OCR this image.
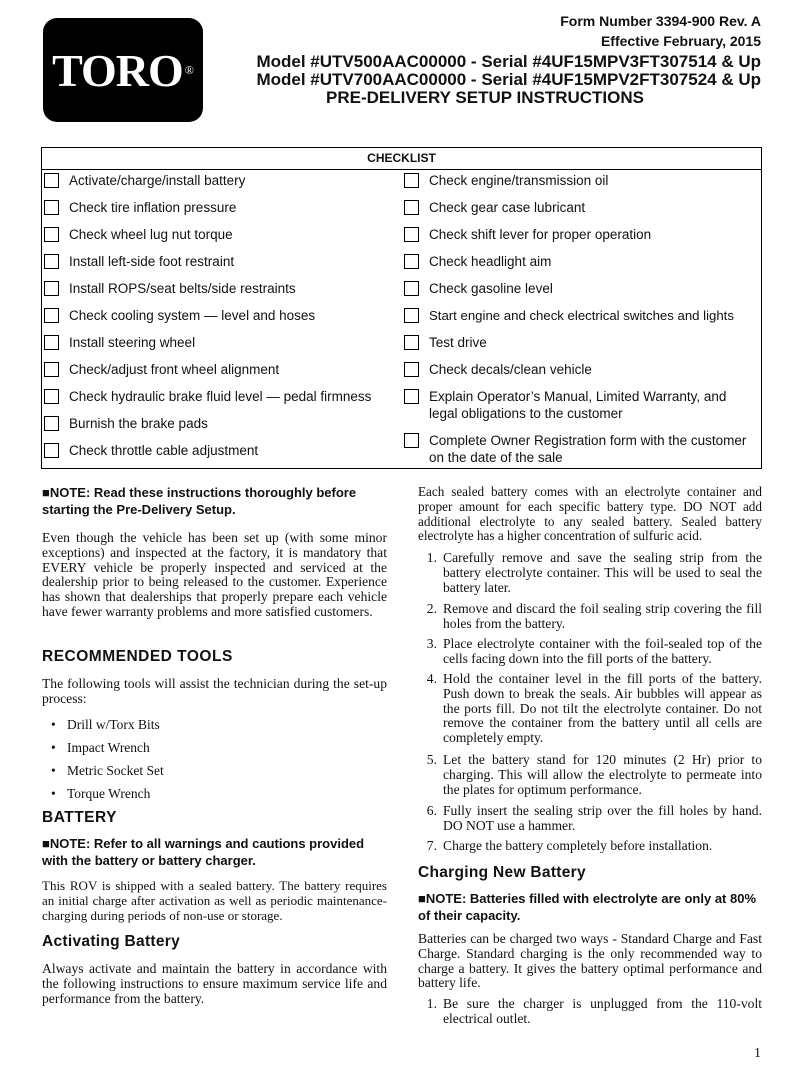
TORO ®
Form Number 3394-900 Rev. A
Effective February, 2015
Model #UTV500AAC00000 - Serial #4UF15MPV3FT307514 & Up
Model #UTV700AAC00000 - Serial #4UF15MPV2FT307524 & Up
PRE-DELIVERY SETUP INSTRUCTIONS
CHECKLIST
Activate/charge/install battery
Check tire inflation pressure
Check wheel lug nut torque
Install left-side foot restraint
Install ROPS/seat belts/side restraints
Check cooling system — level and hoses
Install steering wheel
Check/adjust front wheel alignment
Check hydraulic brake fluid level — pedal firmness
Burnish the brake pads
Check throttle cable adjustment
Check engine/transmission oil
Check gear case lubricant
Check shift lever for proper operation
Check headlight aim
Check gasoline level
Start engine and check electrical switches and lights
Test drive
Check decals/clean vehicle
Explain Operator’s Manual, Limited Warranty, and legal obligations to the customer
Complete Owner Registration form with the customer on the date of the sale
■NOTE: Read these instructions thoroughly before starting the Pre-Delivery Setup.
Even though the vehicle has been set up (with some minor exceptions) and inspected at the factory, it is mandatory that EVERY vehicle be properly inspected and serviced at the dealership prior to being released to the customer. Experience has shown that dealerships that properly prepare each vehicle have fewer warranty problems and more satisfied customers.
RECOMMENDED TOOLS
The following tools will assist the technician during the set-up process:
• Drill w/Torx Bits
• Impact Wrench
• Metric Socket Set
• Torque Wrench
BATTERY
■NOTE: Refer to all warnings and cautions provided with the battery or battery charger.
This ROV is shipped with a sealed battery. The battery requires an initial charge after activation as well as periodic maintenance-charging during periods of non-use or storage.
Activating Battery
Always activate and maintain the battery in accordance with the following instructions to ensure maximum service life and performance from the battery.
Each sealed battery comes with an electrolyte container and proper amount for each specific battery type. DO NOT add additional electrolyte to any sealed battery. Sealed battery electrolyte has a higher concentration of sulfuric acid.
1. Carefully remove and save the sealing strip from the battery electrolyte container. This will be used to seal the battery later.
2. Remove and discard the foil sealing strip covering the fill holes from the battery.
3. Place electrolyte container with the foil-sealed top of the cells facing down into the fill ports of the battery.
4. Hold the container level in the fill ports of the battery. Push down to break the seals. Air bubbles will appear as the ports fill. Do not tilt the electrolyte container. Do not remove the container from the battery until all cells are completely empty.
5. Let the battery stand for 120 minutes (2 Hr) prior to charging. This will allow the electrolyte to permeate into the plates for optimum performance.
6. Fully insert the sealing strip over the fill holes by hand. DO NOT use a hammer.
7. Charge the battery completely before installation.
Charging New Battery
■NOTE: Batteries filled with electrolyte are only at 80% of their capacity.
Batteries can be charged two ways - Standard Charge and Fast Charge. Standard charging is the only recommended way to charge a battery. It gives the battery optimal performance and battery life.
1. Be sure the charger is unplugged from the 110-volt electrical outlet.
1
